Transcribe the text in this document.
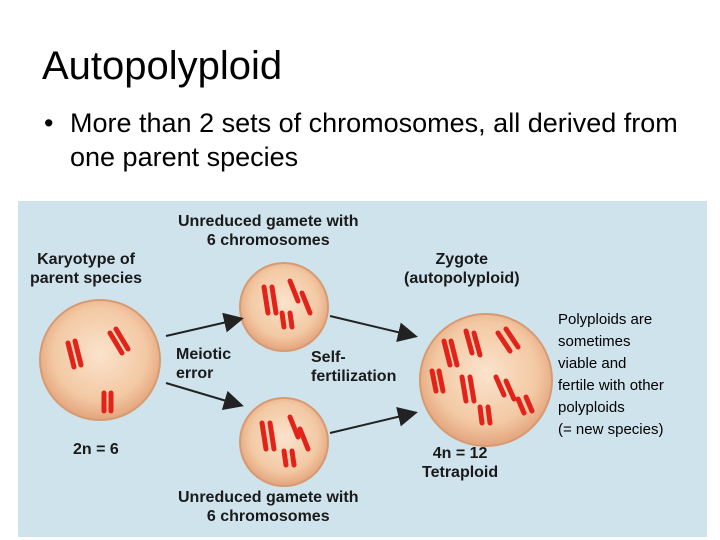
Autopolyploid
• More than 2 sets of chromosomes, all derived from one parent species
Unreduced gamete with
6 chromosomes
Karyotype of
parent species
Zygote
(autopolyploid)
Meiotic
error
Self-
fertilization
2n = 6	4n = 12
Tetraploid
Unreduced gamete with
6 chromosomes
Polyploids are
sometimes
viable and
fertile with other
polyploids
(= new species)
